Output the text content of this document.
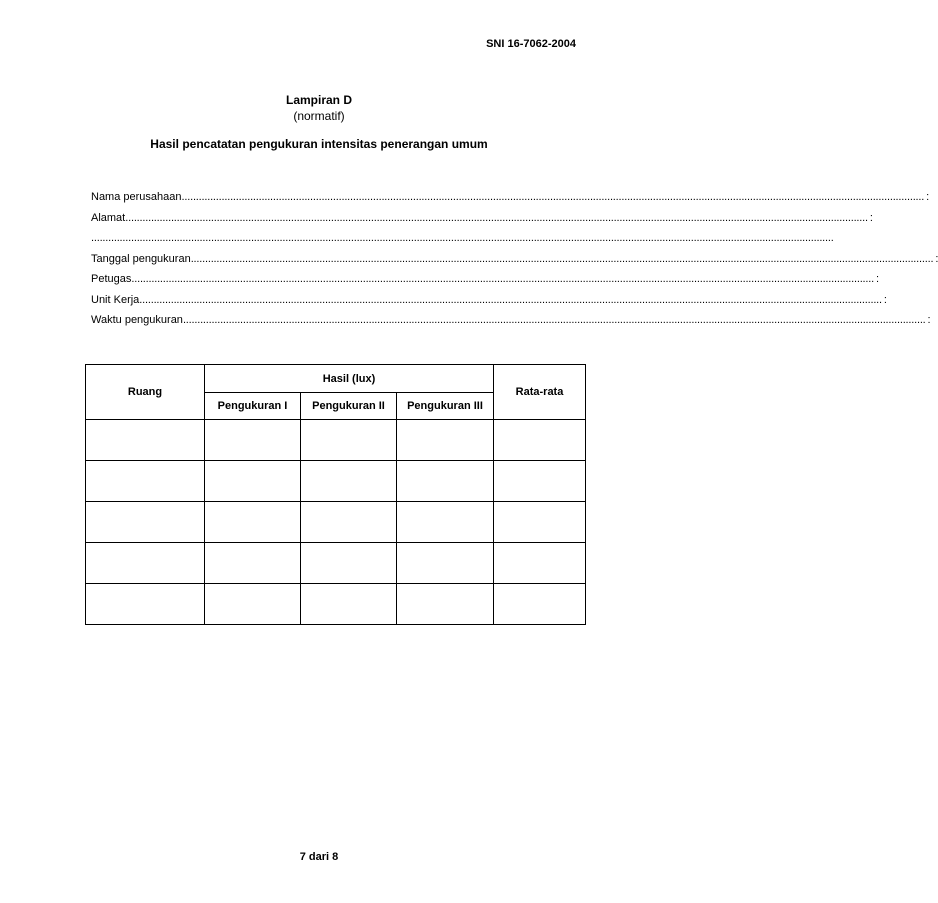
SNI 16-7062-2004
Lampiran D
(normatif)
Hasil pencatatan pengukuran intensitas penerangan umum
Nama perusahaan .................................................................................................................................................................................................................................................................... :
Alamat .................................................................................................................................................................................................................................................................... :
....................................................................................................................................................................................................................................................................
Tanggal pengukuran ....................................................................................................................................................................................................................................................................
Petugas .................................................................................................................................................................................................................................................................... :
Unit Kerja .................................................................................................................................................................................................................................................................... :
Waktu pengukuran .................................................................................................................................................................................................................................................................... :
Ruang	Hasil (lux)			Rata-rata
	Pengukuran I	Pengukuran II	Pengukuran III	

7 dari 8
